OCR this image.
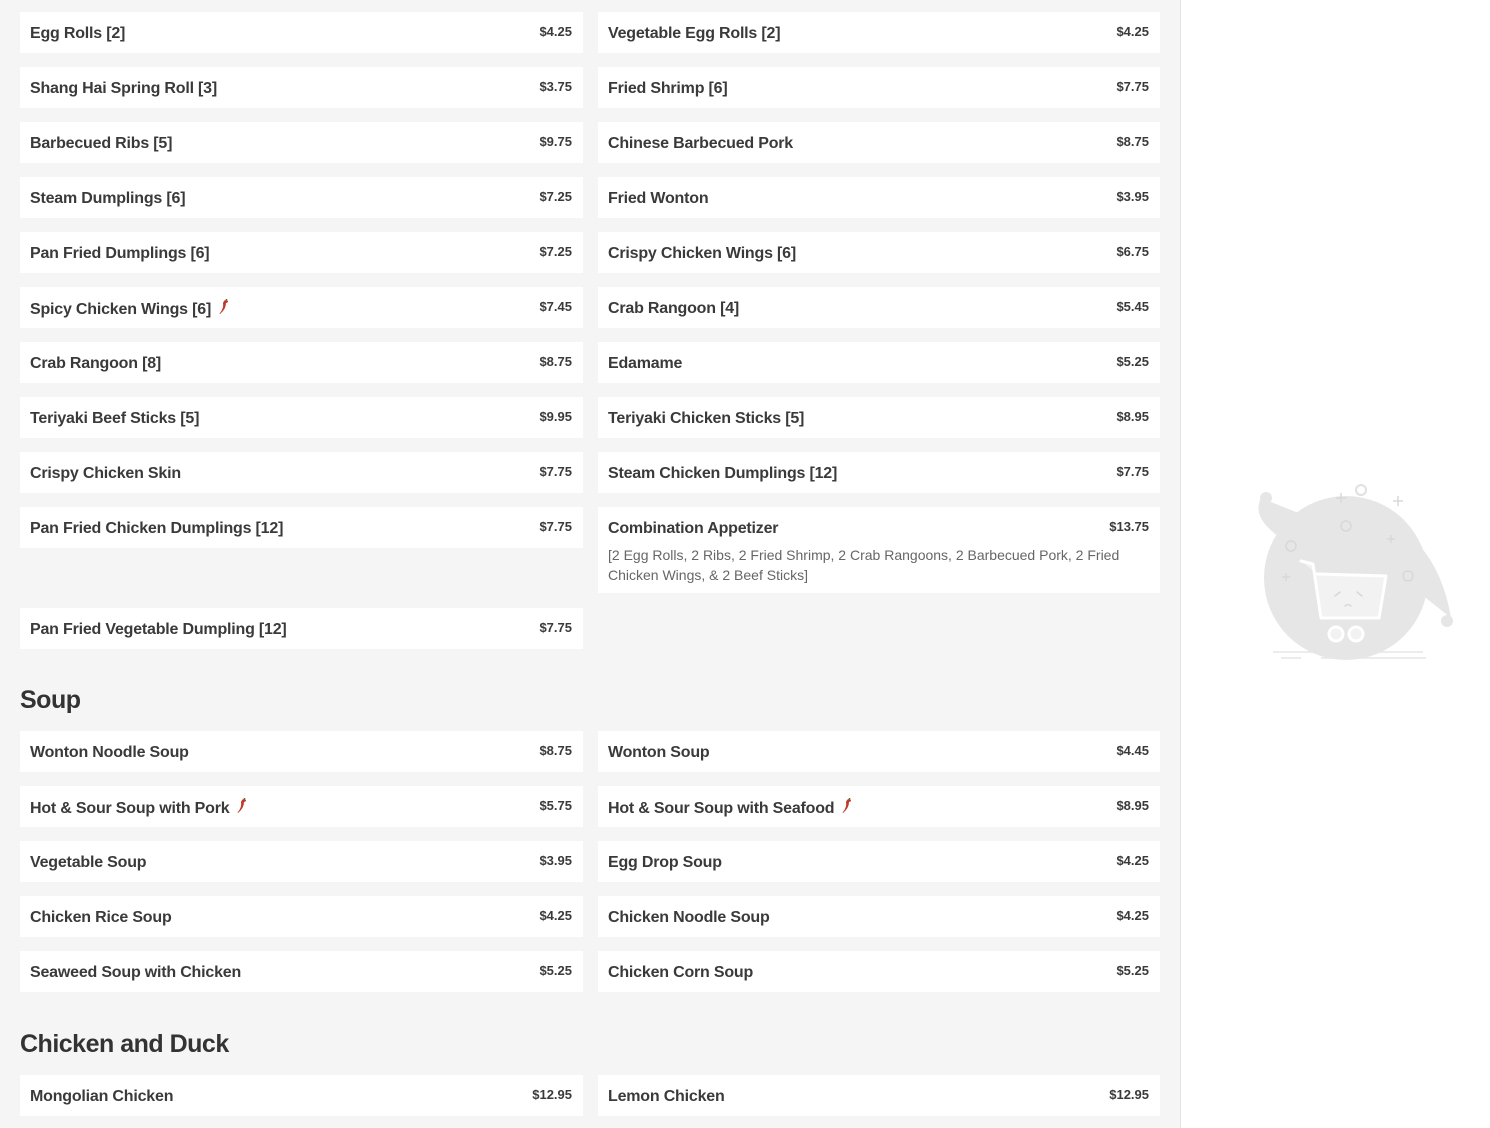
Egg Rolls [2]	$4.25	Vegetable Egg Rolls [2]	$4.25
Shang Hai Spring Roll [3]	$3.75	Fried Shrimp [6]	$7.75
Barbecued Ribs [5]	$9.75	Chinese Barbecued Pork	$8.75
Steam Dumplings [6]	$7.25	Fried Wonton	$3.95
Pan Fried Dumplings [6]	$7.25	Crispy Chicken Wings [6]	$6.75
Spicy Chicken Wings [6]	$7.45	Crab Rangoon [4]	$5.45
Crab Rangoon [8]	$8.75	Edamame	$5.25
Teriyaki Beef Sticks [5]	$9.95	Teriyaki Chicken Sticks [5]	$8.95
Crispy Chicken Skin	$7.75	Steam Chicken Dumplings [12]	$7.75
Pan Fried Chicken Dumplings [12]	$7.75	Combination Appetizer	$13.75
[2 Egg Rolls, 2 Ribs, 2 Fried Shrimp, 2 Crab Rangoons, 2 Barbecued Pork, 2 Fried Chicken Wings, & 2 Beef Sticks]
Pan Fried Vegetable Dumpling [12]	$7.75
Soup
Wonton Noodle Soup	$8.75	Wonton Soup	$4.45
Hot & Sour Soup with Pork	$5.75	Hot & Sour Soup with Seafood	$8.95
Vegetable Soup	$3.95	Egg Drop Soup	$4.25
Chicken Rice Soup	$4.25	Chicken Noodle Soup	$4.25
Seaweed Soup with Chicken	$5.25	Chicken Corn Soup	$5.25
Chicken and Duck
Mongolian Chicken	$12.95	Lemon Chicken	$12.95
